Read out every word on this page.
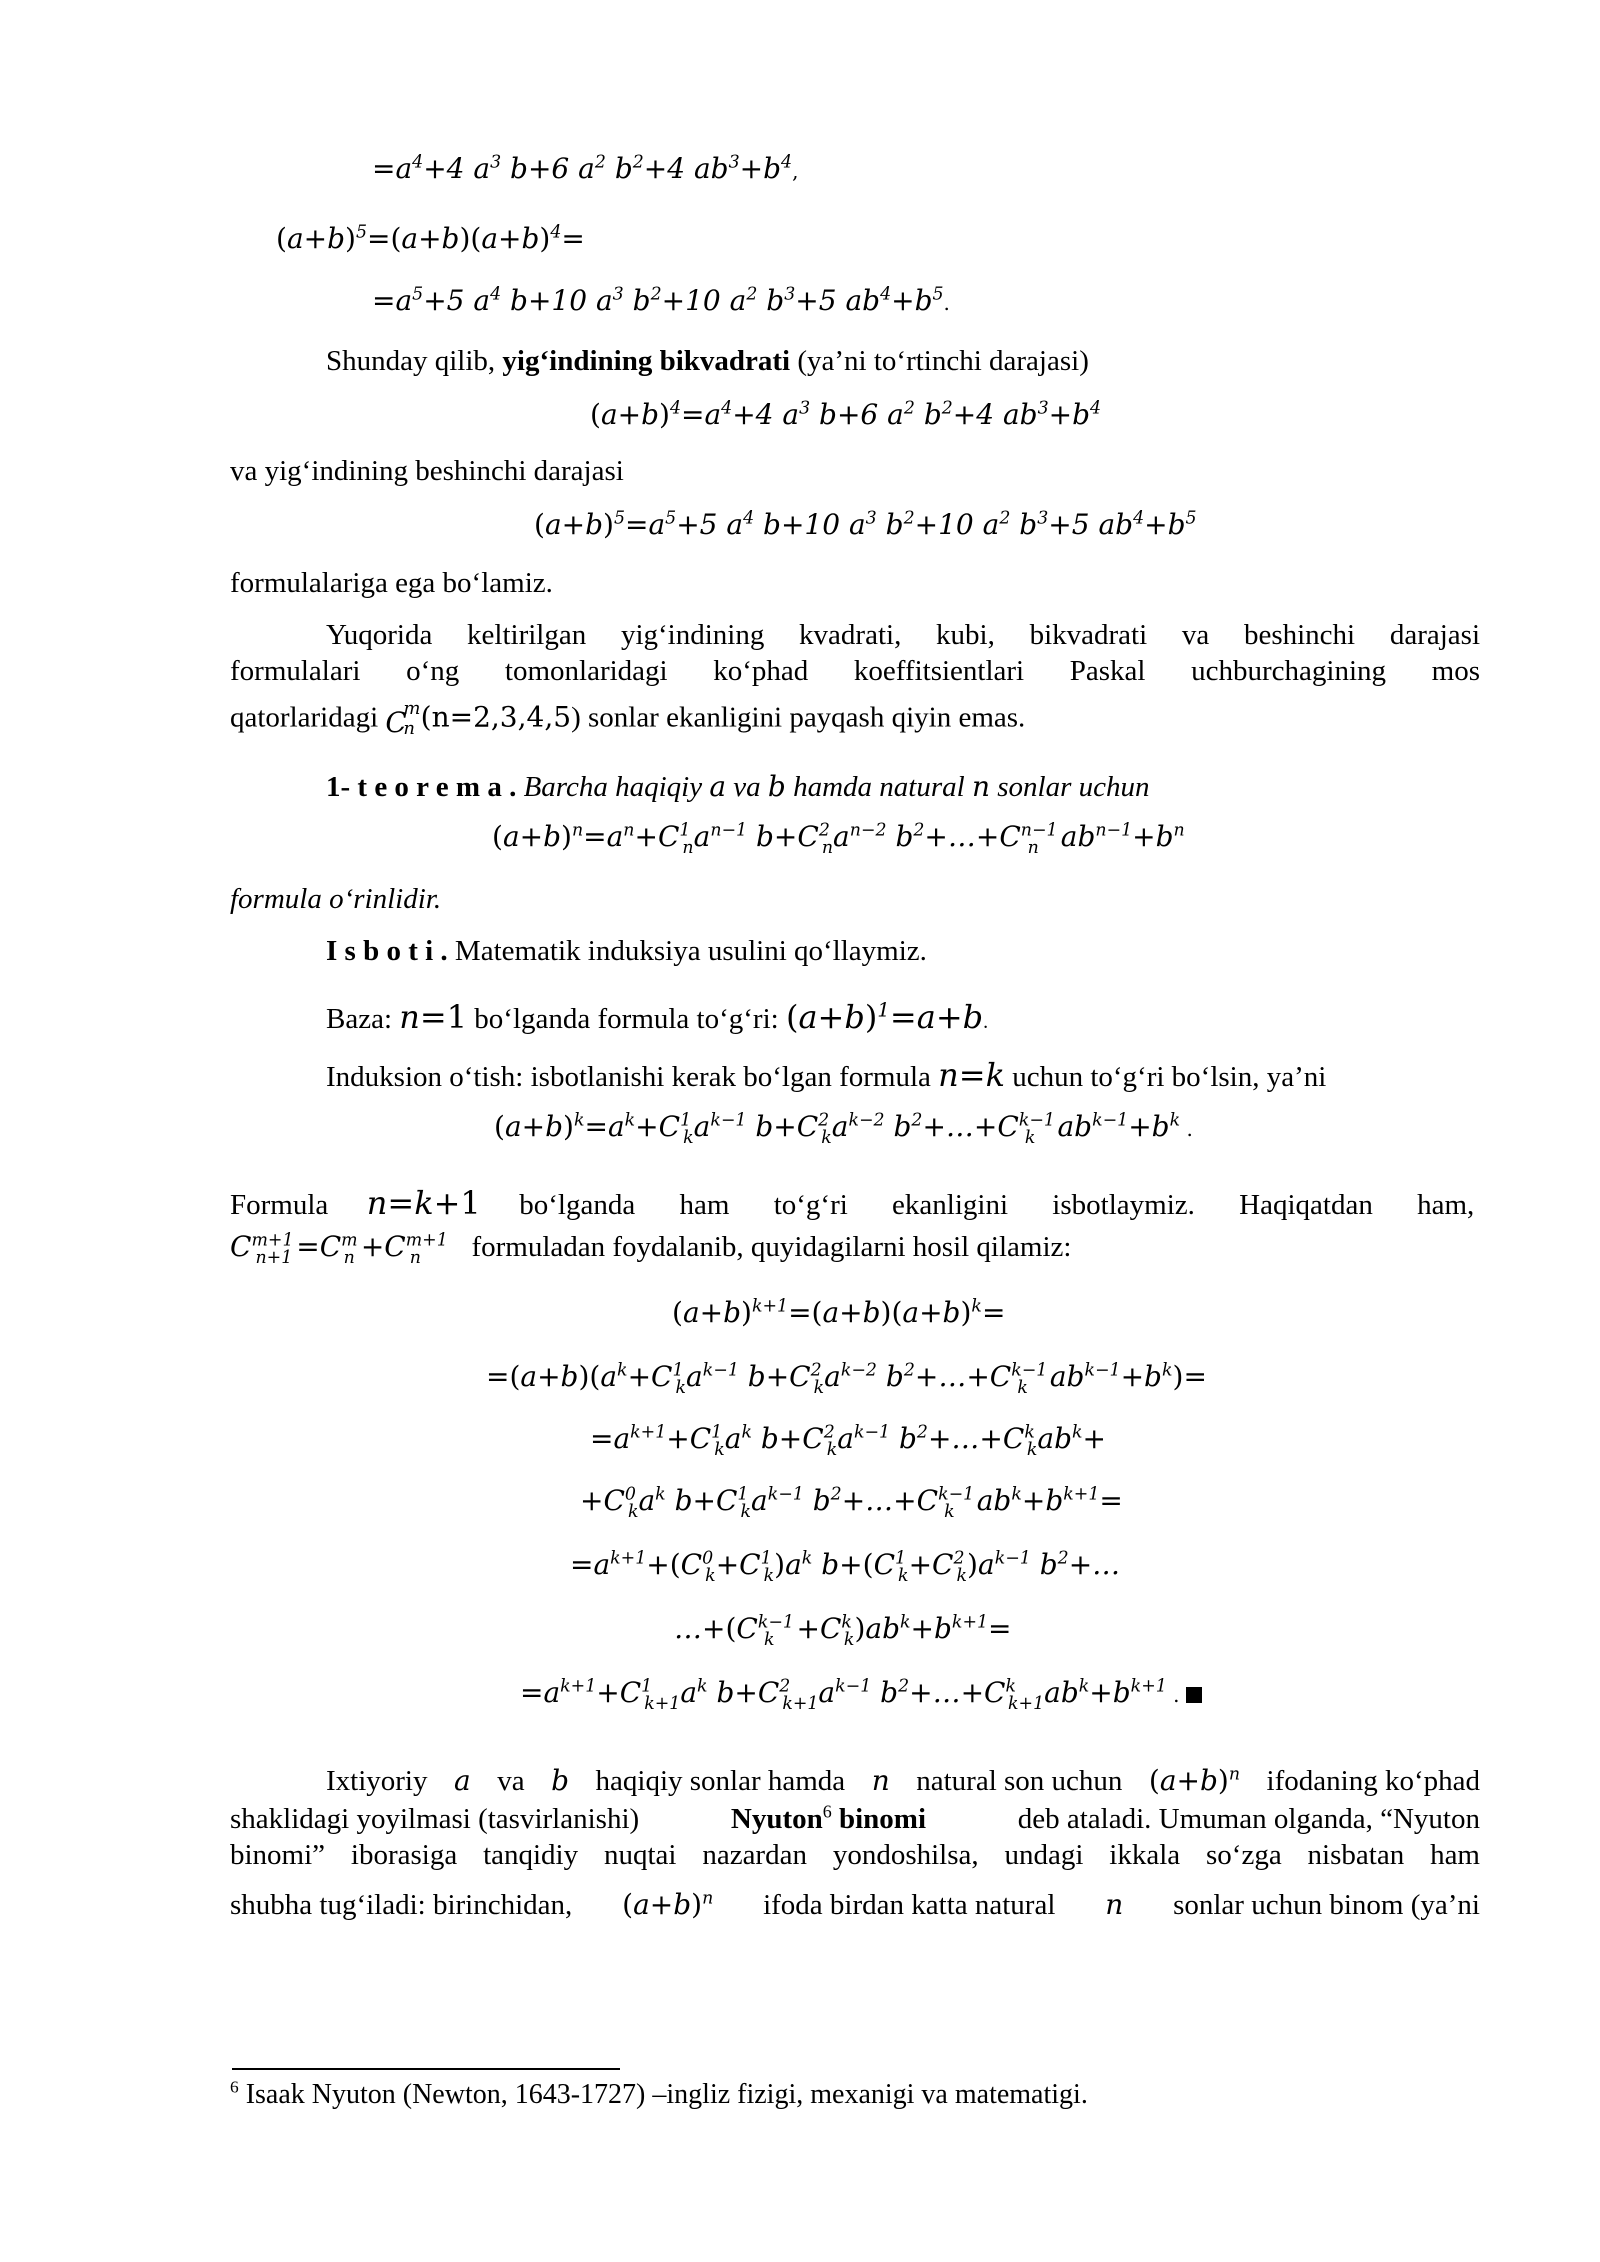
$=a^4+4$ $a^3$ b+6 $a^2$ $b^2+4$ $ab^3+b^4$,
$(a+b)^5=(a+b)(a+b)^4=$
$=a^5+5$ $a^4$ b+10 $a^3$ $b^2+10$ $a^2$ $b^3+5$ $ab^4+b^5$.
Shunday qilib, yig‘indining bikvadrati (ya’ni to‘rtinchi darajasi)
$(a+b)^4=a^4+4$ $a^3$ b+6 $a^2$ $b^2+4$ $ab^3+b^4$
va yig‘indining beshinchi darajasi
$(a+b)^5=a^5+5$ $a^4$ b+10 $a^3$ $b^2+10$ $a^2$ $b^3+5$ $ab^4+b^5$
formulalariga ega bo‘lamiz.
Yuqorida keltirilgan yig‘indining kvadrati, kubi, bikvadrati va beshinchi darajasi
formulalari o‘ng tomonlaridagi ko‘phad koeffitsientlari Paskal uchburchagining mos
qatorlaridagi C
m
n (n=2,3,4,5) sonlar ekanligini payqash qiyin emas.
1- t e o r e m a . Barcha haqiqiy a va b hamda natural n sonlar uchun
$(a+b)^n=a^n+C^1_na^{n-1}$ $b+C^2_na^{n-2}$ $b^2+\dots+C^{n-1}_n$ $ab^{n-1}+b^n$
formula o‘rinlidir.
I s b o t i . Matematik induksiya usulini qo‘llaymiz.
Baza: n=1 bo‘lganda formula to‘g‘ri: $(a+b)^1=a+b$.
Induksion o‘tish: isbotlanishi kerak bo‘lgan formula n=k uchun to‘g‘ri bo‘lsin, ya’ni
$(a+b)^k=a^k+C^1_ka^{k-1}$ $b+C^2_ka^{k-2}$ $b^2+\dots+C^{k-1}_k$ $ab^{k-1}+b^k$ .
Formula n=k+1 bo‘lganda ham to‘g‘ri ekanligini isbotlaymiz. Haqiqatdan ham,
$C^{m+1}_{n+1} =C^m_n +C^{m+1}_n$ formuladan foydalanib, quyidagilarni hosil qilamiz:
$(a+b)^{k+1}=(a+b)(a+b)^k=$
$=(a+b)(a^k+C^1_ka^{k-1}$ $b+C^2_ka^{k-2}$ $b^2+\dots+C^{k-1}_k$ $ab^{k-1}+b^k)=$
$=a^{k+1}+C^1_ka^k$ $b+C^2_ka^{k-1}$ $b^2+\dots+C^k_kab^k+$
$+C^0_ka^k$ $b+C^1_ka^{k-1}$ $b^2+\dots+C^{k-1}_k$ $ab^k+b^{k+1}=$
$=a^{k+1}+(C^0_k+C^1_k)a^k$ $b+(C^1_k+C^2_k)a^{k-1}$ $b^2+\dots$
$\dots+(C^{k-1}_k +C^k_k)ab^k+b^{k+1}=$
$=a^{k+1}+C^1_{k+1}a^k$ $b+C^2_{k+1}a^{k-1}$ $b^2+\dots+C^k_{k+1}ab^k+b^{k+1}$ .
Ixtiyoriy a va b haqiqiy sonlar hamda n natural son uchun $(a+b)^n$ ifodaning ko‘phad
shaklidagi yoyilmasi (tasvirlanishi)	Nyuton$^6$ binomi	deb ataladi. Umuman olganda, “Nyuton
binomi” iborasiga tanqidiy nuqtai nazardan yondoshilsa, undagi ikkala so‘zga nisbatan ham
shubha tug‘iladi: birinchidan, $(a+b)^n$ ifoda birdan katta natural n sonlar uchun binom (ya’ni
$^6$ Isaak Nyuton (Newton, 1643-1727) –ingliz fizigi, mexanigi va matematigi.
